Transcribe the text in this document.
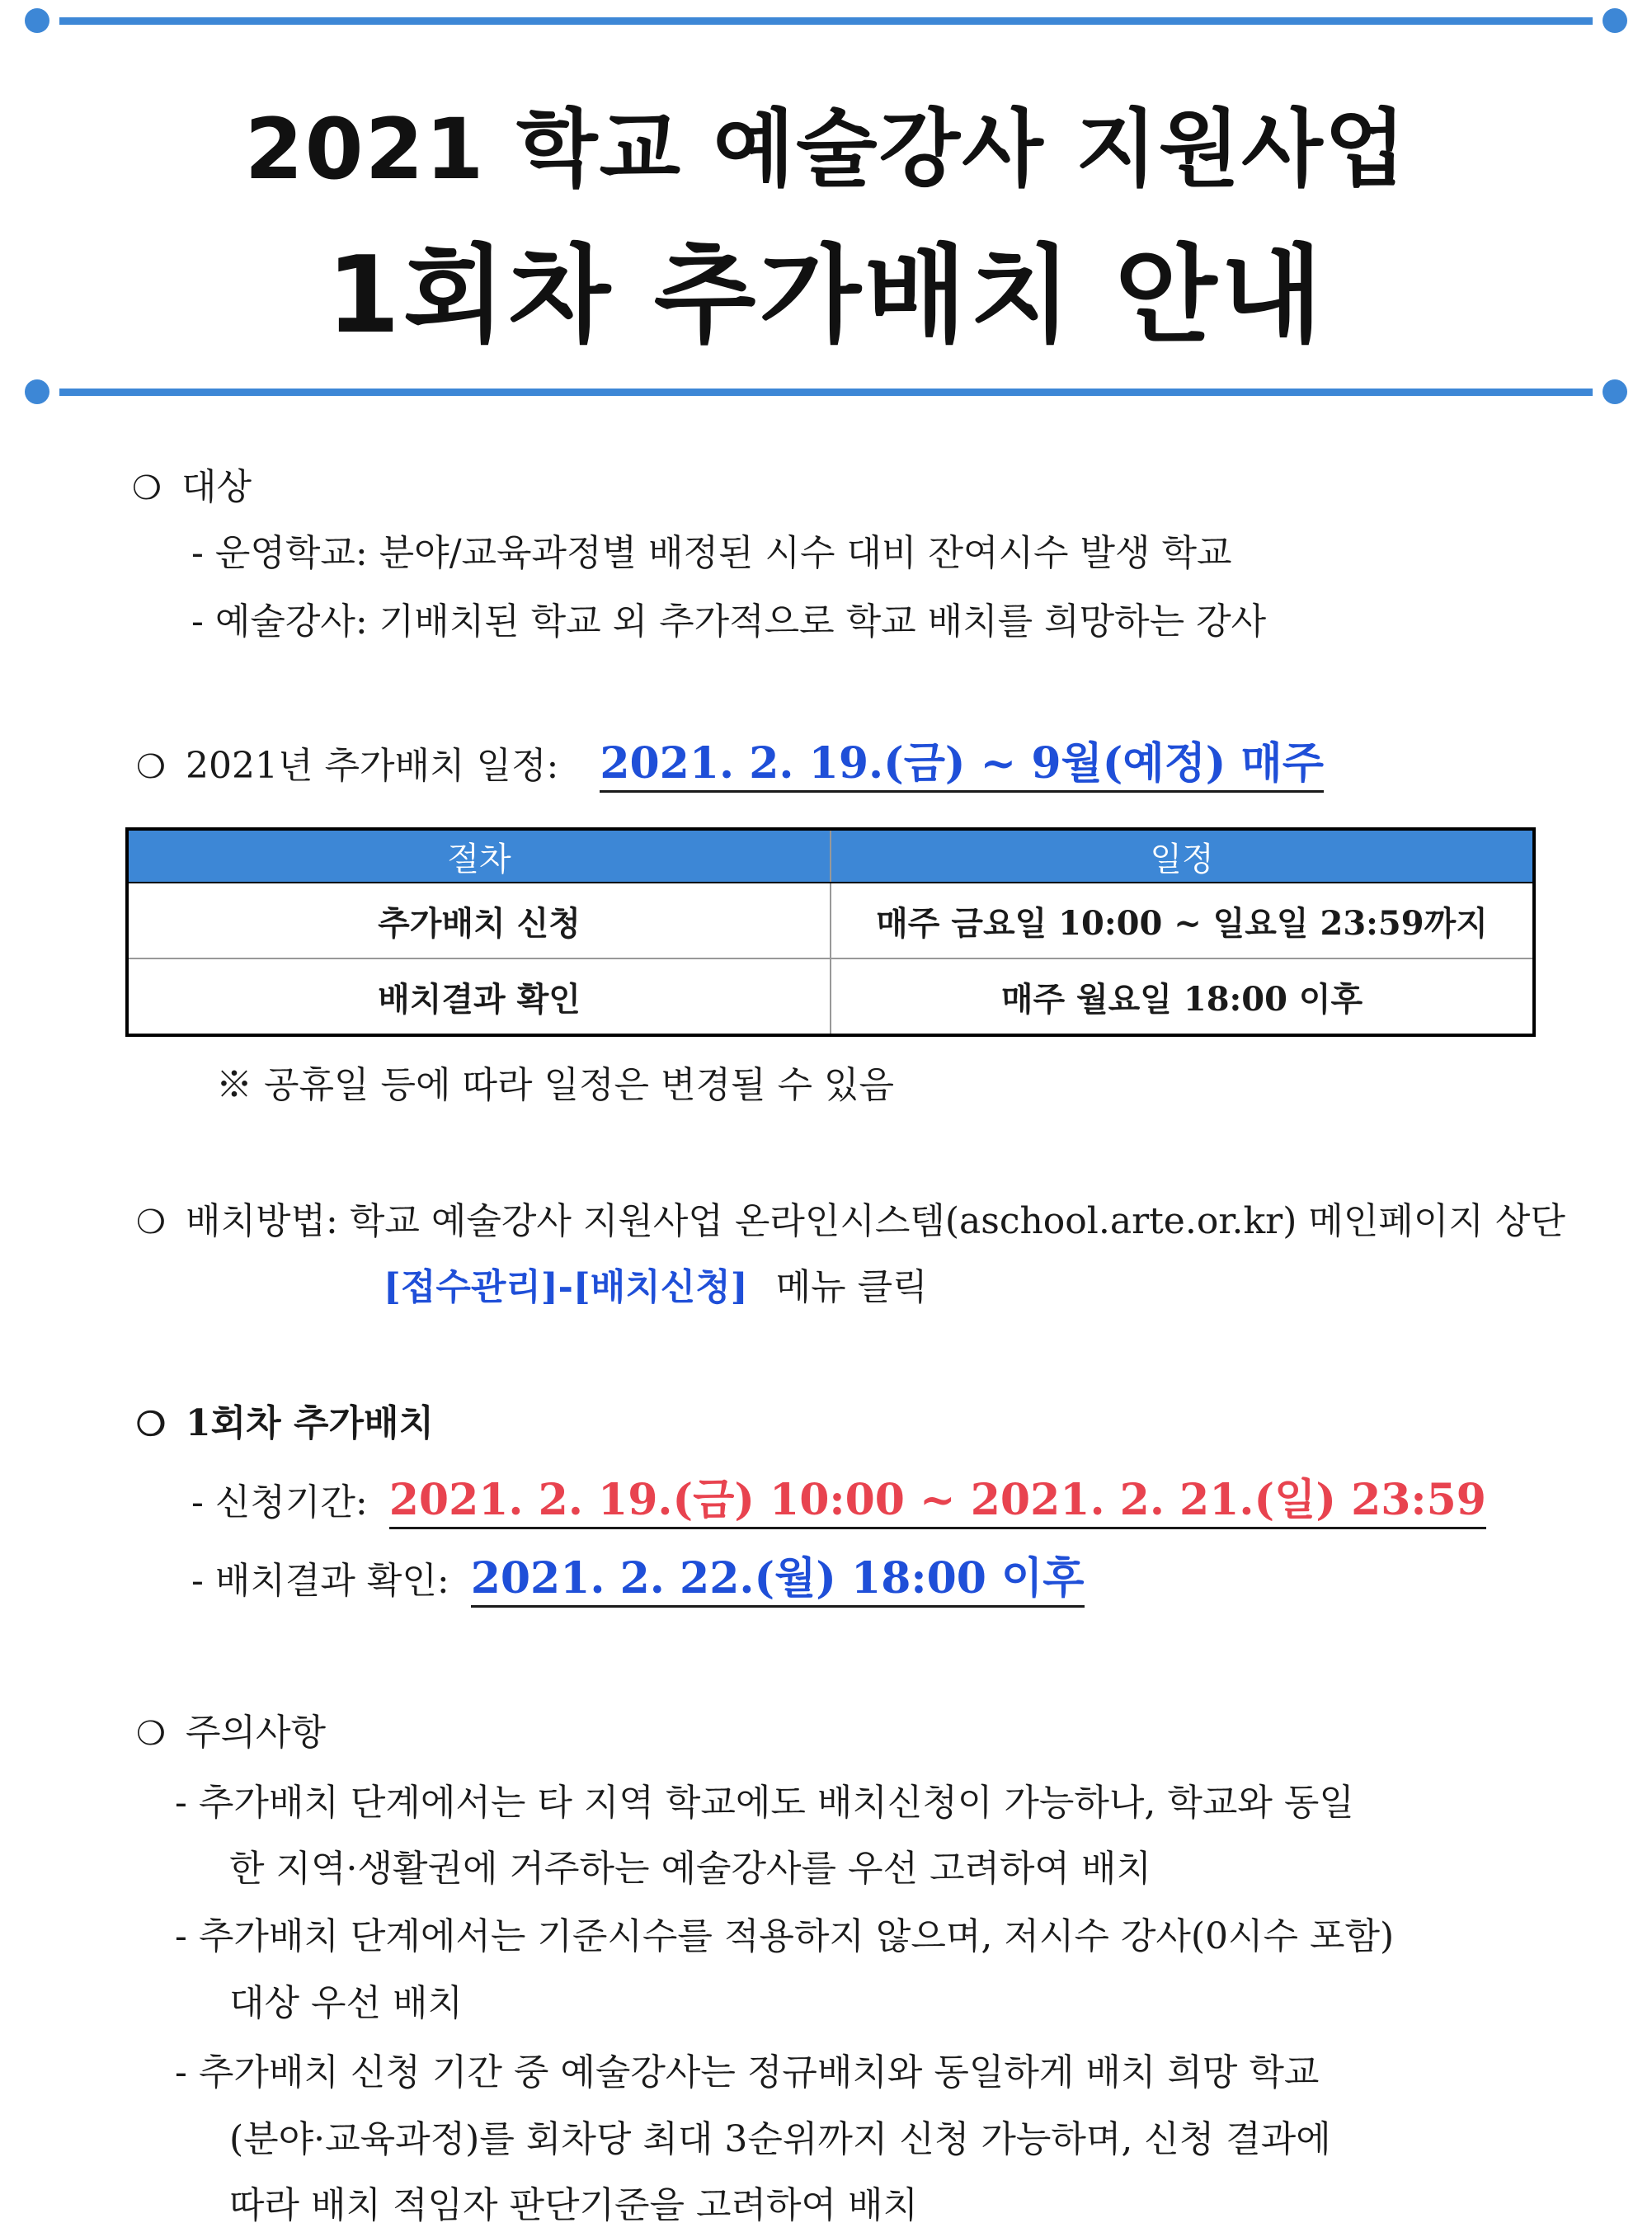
2021 학교 예술강사 지원사업
1회차 추가배치 안내
❍ 대상
- 운영학교: 분야/교육과정별 배정된 시수 대비 잔여시수 발생 학교
- 예술강사: 기배치된 학교 외 추가적으로 학교 배치를 희망하는 강사
❍ 2021년 추가배치 일정: 2021. 2. 19.(금) ~ 9월(예정) 매주
절차	일정
추가배치 신청	매주 금요일 10:00 ~ 일요일 23:59까지
배치결과 확인	매주 월요일 18:00 이후
※ 공휴일 등에 따라 일정은 변경될 수 있음
❍ 배치방법: 학교 예술강사 지원사업 온라인시스템(aschool.arte.or.kr) 메인페이지 상단
[접수관리]-[배치신청] 메뉴 클릭
❍ 1회차 추가배치
- 신청기간: 2021. 2. 19.(금) 10:00 ~ 2021. 2. 21.(일) 23:59
- 배치결과 확인: 2021. 2. 22.(월) 18:00 이후
❍ 주의사항
- 추가배치 단계에서는 타 지역 학교에도 배치신청이 가능하나, 학교와 동일
한 지역·생활권에 거주하는 예술강사를 우선 고려하여 배치
- 추가배치 단계에서는 기준시수를 적용하지 않으며, 저시수 강사(0시수 포함)
대상 우선 배치
- 추가배치 신청 기간 중 예술강사는 정규배치와 동일하게 배치 희망 학교
(분야·교육과정)를 회차당 최대 3순위까지 신청 가능하며, 신청 결과에
따라 배치 적임자 판단기준을 고려하여 배치
